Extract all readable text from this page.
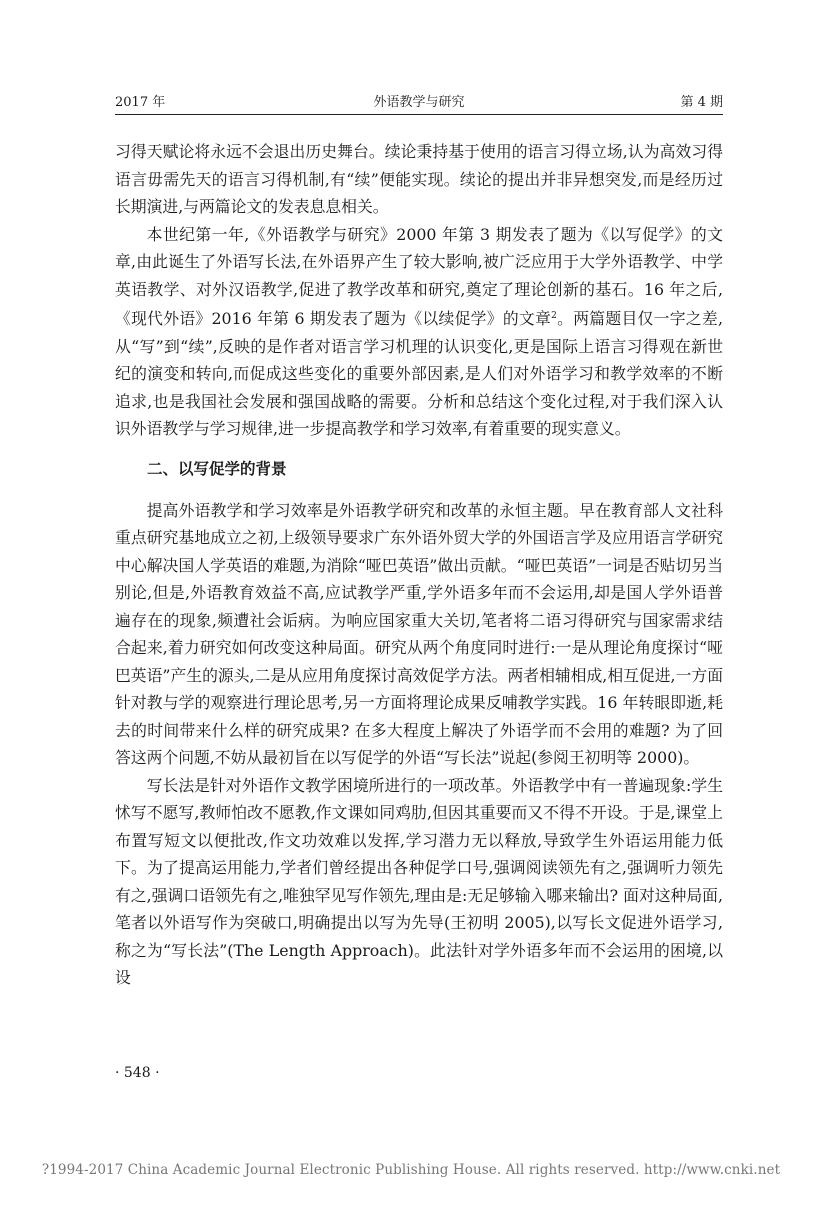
2017 年	外语教学与研究	第 4 期

习得天赋论将永远不会退出历史舞台。续论秉持基于使用的语言习得立场,认为高效习得语言毋需先天的语言习得机制,有“续”便能实现。续论的提出并非异想突发,而是经历过长期演进,与两篇论文的发表息息相关。

本世纪第一年,《外语教学与研究》2000 年第 3 期发表了题为《以写促学》的文章,由此诞生了外语写长法,在外语界产生了较大影响,被广泛应用于大学外语教学、中学英语教学、对外汉语教学,促进了教学改革和研究,奠定了理论创新的基石。16 年之后,《现代外语》2016 年第 6 期发表了题为《以续促学》的文章$^2$。两篇题目仅一字之差,从“写”到“续”,反映的是作者对语言学习机理的认识变化,更是国际上语言习得观在新世纪的演变和转向,而促成这些变化的重要外部因素,是人们对外语学习和教学效率的不断追求,也是我国社会发展和强国战略的需要。分析和总结这个变化过程,对于我们深入认识外语教学与学习规律,进一步提高教学和学习效率,有着重要的现实意义。

二、以写促学的背景

提高外语教学和学习效率是外语教学研究和改革的永恒主题。早在教育部人文社科重点研究基地成立之初,上级领导要求广东外语外贸大学的外国语言学及应用语言学研究中心解决国人学英语的难题,为消除“哑巴英语”做出贡献。“哑巴英语”一词是否贴切另当别论,但是,外语教育效益不高,应试教学严重,学外语多年而不会运用,却是国人学外语普遍存在的现象,频遭社会诟病。为响应国家重大关切,笔者将二语习得研究与国家需求结合起来,着力研究如何改变这种局面。研究从两个角度同时进行:一是从理论角度探讨“哑巴英语”产生的源头,二是从应用角度探讨高效促学方法。两者相辅相成,相互促进,一方面针对教与学的观察进行理论思考,另一方面将理论成果反哺教学实践。16 年转眼即逝,耗去的时间带来什么样的研究成果? 在多大程度上解决了外语学而不会用的难题? 为了回答这两个问题,不妨从最初旨在以写促学的外语“写长法”说起(参阅王初明等 2000)。

写长法是针对外语作文教学困境所进行的一项改革。外语教学中有一普遍现象:学生怵写不愿写,教师怕改不愿教,作文课如同鸡肋,但因其重要而又不得不开设。于是,课堂上布置写短文以便批改,作文功效难以发挥,学习潜力无以释放,导致学生外语运用能力低下。为了提高运用能力,学者们曾经提出各种促学口号,强调阅读领先有之,强调听力领先有之,强调口语领先有之,唯独罕见写作领先,理由是:无足够输入哪来输出? 面对这种局面,笔者以外语写作为突破口,明确提出以写为先导(王初明 2005),以写长文促进外语学习,称之为“写长法”(The Length Approach)。此法针对学外语多年而不会运用的困境,以设

· 548 ·
?1994-2017 China Academic Journal Electronic Publishing House. All rights reserved. http://www.cnki.net
